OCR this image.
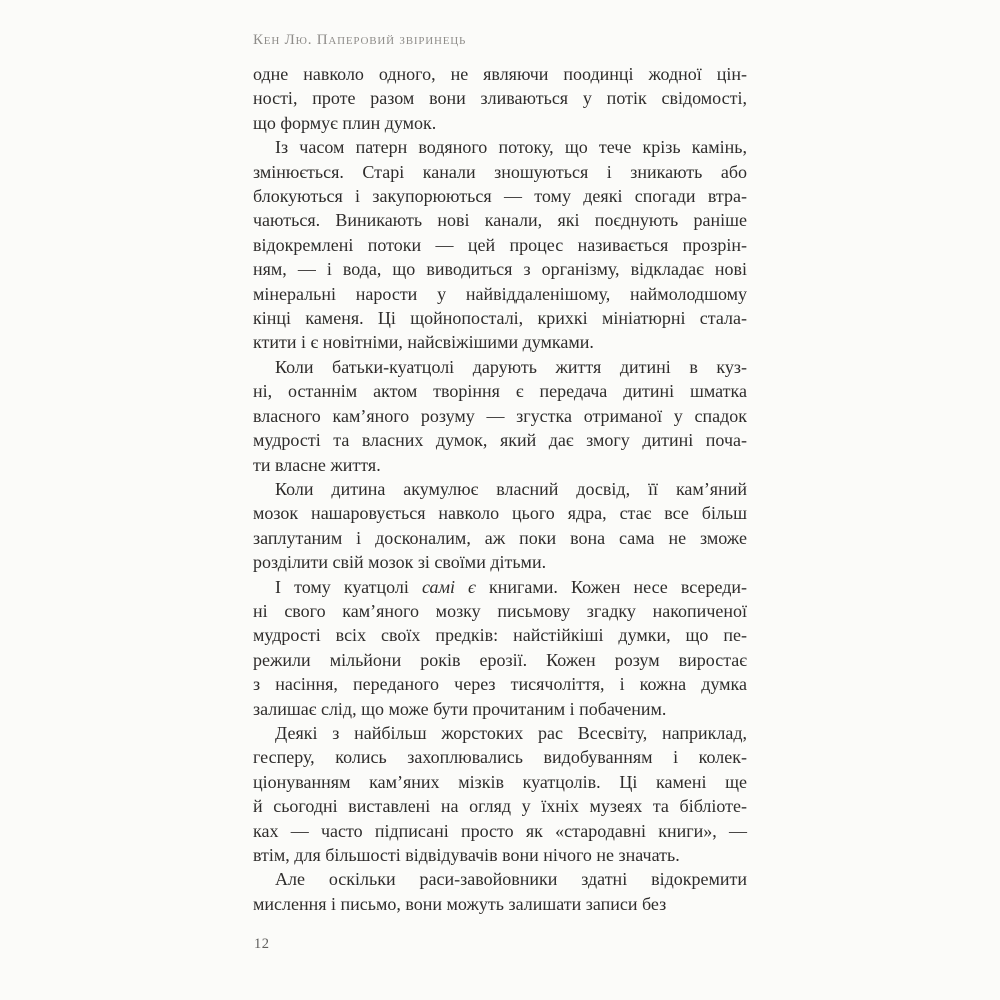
Кен Лю. Паперовий звіринець
одне навколо одного, не являючи поодинці жодної цін-
ності, проте разом вони зливаються у потік свідомості,
що формує плин думок.
Із часом патерн водяного потоку, що тече крізь камінь,
змінюється. Старі канали зношуються і зникають або
блокуються і закупорюються — тому деякі спогади втра-
чаються. Виникають нові канали, які поєднують раніше
відокремлені потоки — цей процес називається прозрін-
ням, — і вода, що виводиться з організму, відкладає нові
мінеральні нарости у найвіддаленішому, наймолодшому
кінці каменя. Ці щойнопосталі, крихкі мініатюрні стала-
ктити і є новітніми, найсвіжішими думками.
Коли батьки-куатцолі дарують життя дитині в куз-
ні, останнім актом творіння є передача дитині шматка
власного кам’яного розуму — згустка отриманої у спадок
мудрості та власних думок, який дає змогу дитині поча-
ти власне життя.
Коли дитина акумулює власний досвід, її кам’яний
мозок нашаровується навколо цього ядра, стає все більш
заплутаним і досконалим, аж поки вона сама не зможе
розділити свій мозок зі своїми дітьми.
І тому куатцолі самі є книгами. Кожен несе всереди-
ні свого кам’яного мозку письмову згадку накопиченої
мудрості всіх своїх предків: найстійкіші думки, що пе-
режили мільйони років ерозії. Кожен розум виростає
з насіння, переданого через тисячоліття, і кожна думка
залишає слід, що може бути прочитаним і побаченим.
Деякі з найбільш жорстоких рас Всесвіту, наприклад,
гесперу, колись захоплювались видобуванням і колек-
ціонуванням кам’яних мізків куатцолів. Ці камені ще
й сьогодні виставлені на огляд у їхніх музеях та бібліоте-
ках — часто підписані просто як «стародавні книги», —
втім, для більшості відвідувачів вони нічого не значать.
Але оскільки раси-завойовники здатні відокремити
мислення і письмо, вони можуть залишати записи без
12
